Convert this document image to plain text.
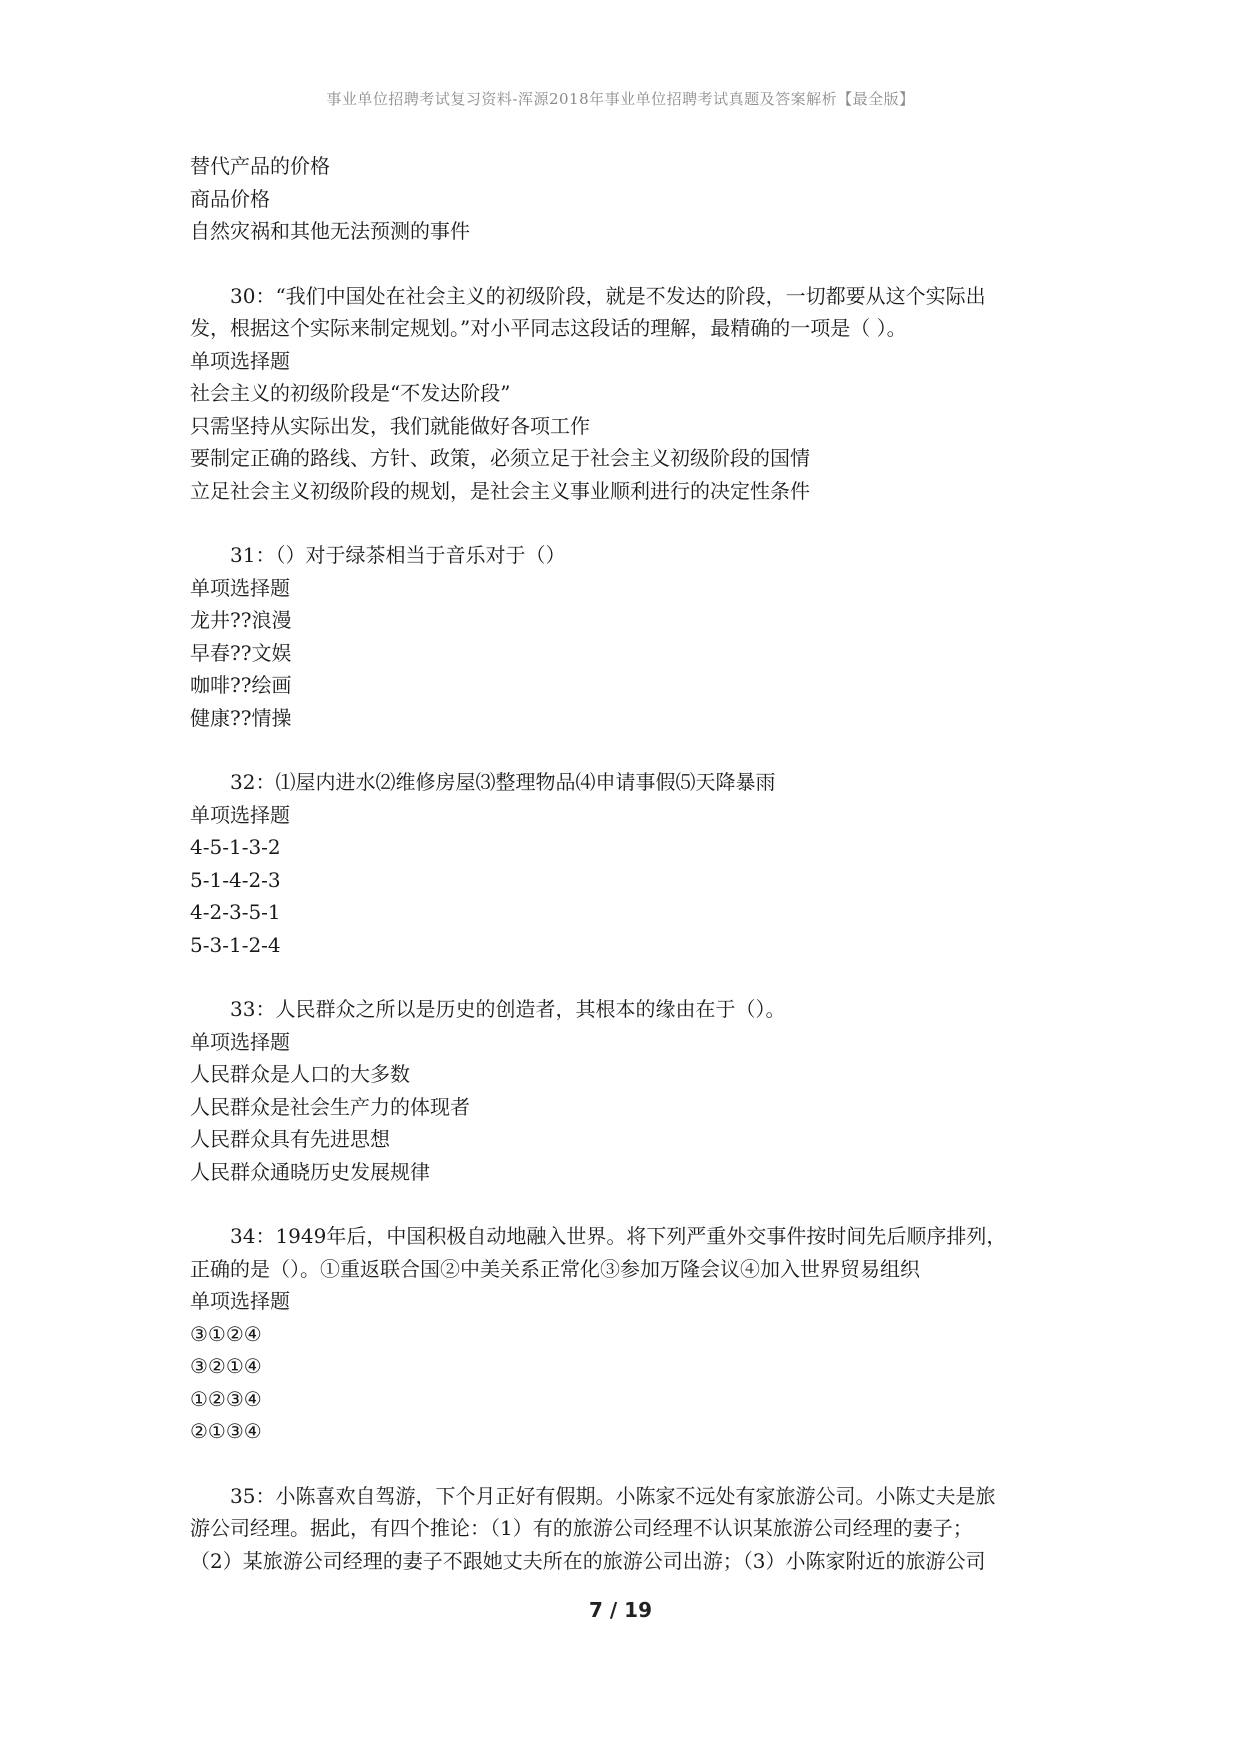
事业单位招聘考试复习资料-浑源2018年事业单位招聘考试真题及答案解析【最全版】
替代产品的价格
商品价格
自然灾祸和其他无法预测的事件
30：“我们中国处在社会主义的初级阶段，就是不发达的阶段，一切都要从这个实际出
发，根据这个实际来制定规划。”对小平同志这段话的理解，最精确的一项是（ ）。
单项选择题
社会主义的初级阶段是“不发达阶段”
只需坚持从实际出发，我们就能做好各项工作
要制定正确的路线、方针、政策，必须立足于社会主义初级阶段的国情
立足社会主义初级阶段的规划，是社会主义事业顺利进行的决定性条件
31：（）对于绿茶相当于音乐对于（）
单项选择题
龙井??浪漫
早春??文娱
咖啡??绘画
健康??情操
32：⑴屋内进水⑵维修房屋⑶整理物品⑷申请事假⑸天降暴雨
单项选择题
4-5-1-3-2
5-1-4-2-3
4-2-3-5-1
5-3-1-2-4
33：人民群众之所以是历史的创造者，其根本的缘由在于（）。
单项选择题
人民群众是人口的大多数
人民群众是社会生产力的体现者
人民群众具有先进思想
人民群众通晓历史发展规律
34：1949年后，中国积极自动地融入世界。将下列严重外交事件按时间先后顺序排列，
正确的是（）。①重返联合国②中美关系正常化③参加万隆会议④加入世界贸易组织
单项选择题
③①②④
③②①④
①②③④
②①③④
35：小陈喜欢自驾游，下个月正好有假期。小陈家不远处有家旅游公司。小陈丈夫是旅
游公司经理。据此，有四个推论：（1）有的旅游公司经理不认识某旅游公司经理的妻子；
（2）某旅游公司经理的妻子不跟她丈夫所在的旅游公司出游；（3）小陈家附近的旅游公司
7 / 19
